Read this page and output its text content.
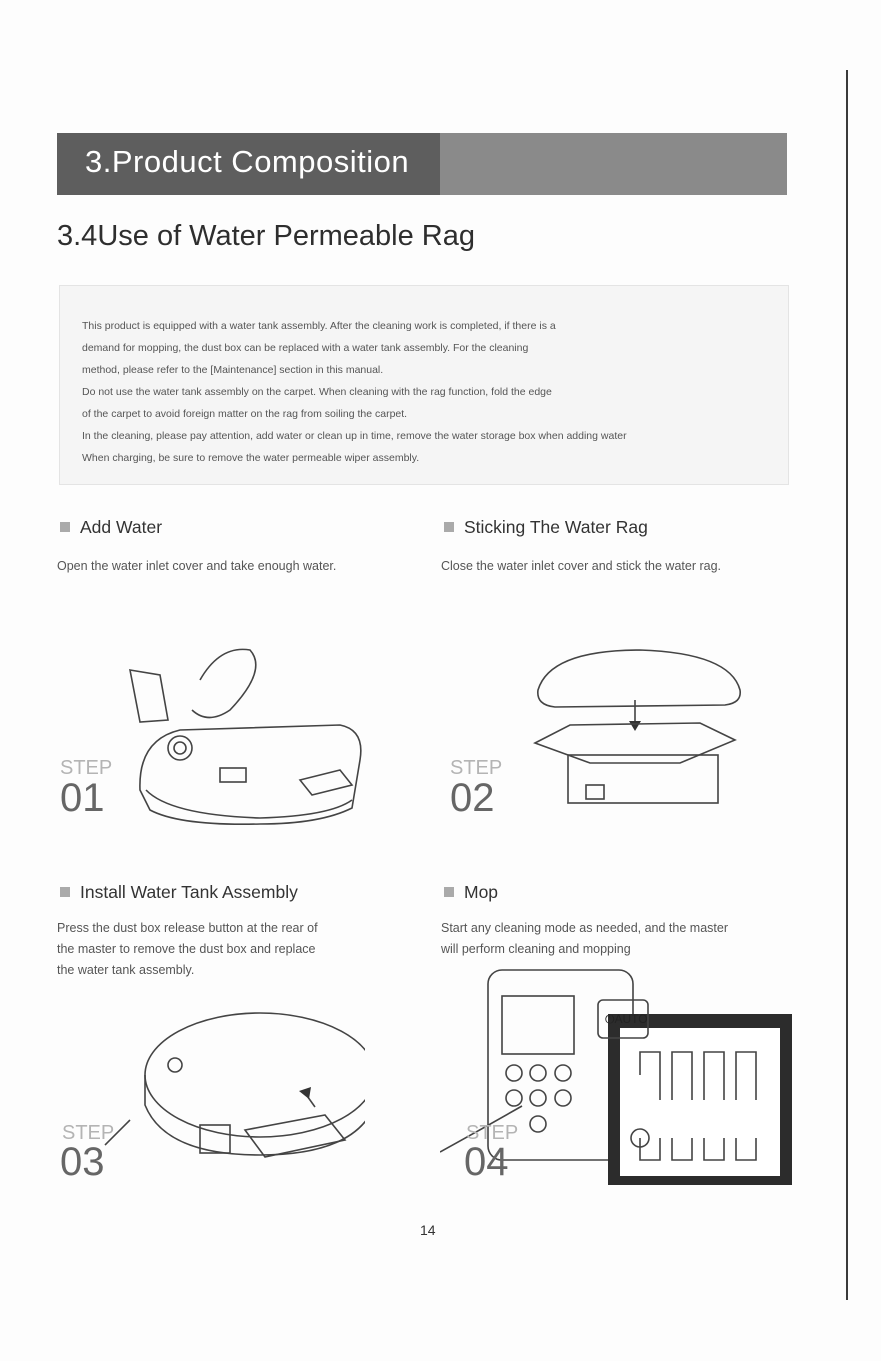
3.Product Composition
3.4Use of Water Permeable Rag
This product is equipped with a water tank assembly. After the cleaning work is completed, if there is a
demand for mopping, the dust box can be replaced with a water tank assembly. For the cleaning
method, please refer to the [Maintenance] section in this manual.
Do not use the water tank assembly on the carpet. When cleaning with the rag function, fold the edge
of the carpet to avoid foreign matter on the rag from soiling the carpet.
In the cleaning, please pay attention, add water or clean up in time, remove the water storage box when adding water
When charging, be sure to remove the water permeable wiper assembly.
Add Water
Open the water inlet cover and take enough water.
STEP
01
Sticking The Water Rag
Close the water inlet cover and stick the water rag.
STEP
02
Install Water Tank Assembly
Press the dust box release button at the rear of
the master to remove the dust box and replace
the water tank assembly.
STEP
03
Mop
Start any cleaning mode as needed, and the master
will perform cleaning and mopping
⏻AUTO
STEP
04
14
